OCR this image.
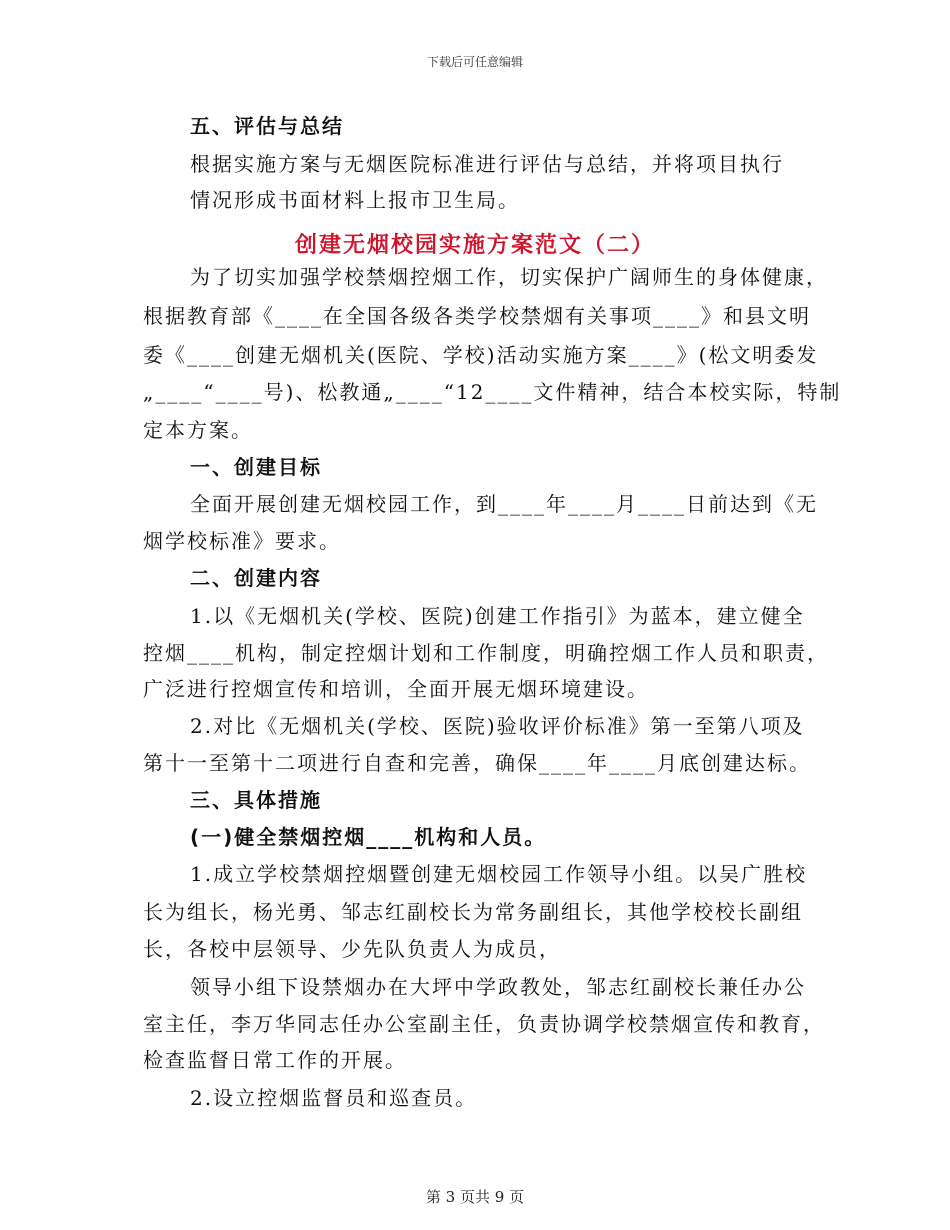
下载后可任意编辑
五、评估与总结
根据实施方案与无烟医院标准进行评估与总结，并将项目执行
情况形成书面材料上报市卫生局。
创建无烟校园实施方案范文（二）
为了切实加强学校禁烟控烟工作，切实保护广阔师生的身体健康，
根据教育部《____在全国各级各类学校禁烟有关事项____》和县文明
委《____创建无烟机关(医院、学校)活动实施方案____》(松文明委发
„____“____号)、松教通„____“12____文件精神，结合本校实际，特制
定本方案。
一、创建目标
全面开展创建无烟校园工作，到____年____月____日前达到《无
烟学校标准》要求。
二、创建内容
1.以《无烟机关(学校、医院)创建工作指引》为蓝本，建立健全
控烟____机构，制定控烟计划和工作制度，明确控烟工作人员和职责，
广泛进行控烟宣传和培训，全面开展无烟环境建设。
2.对比《无烟机关(学校、医院)验收评价标准》第一至第八项及
第十一至第十二项进行自查和完善，确保____年____月底创建达标。
三、具体措施
(一)健全禁烟控烟____机构和人员。
1.成立学校禁烟控烟暨创建无烟校园工作领导小组。以吴广胜校
长为组长，杨光勇、邹志红副校长为常务副组长，其他学校校长副组
长，各校中层领导、少先队负责人为成员，
领导小组下设禁烟办在大坪中学政教处，邹志红副校长兼任办公
室主任，李万华同志任办公室副主任，负责协调学校禁烟宣传和教育，
检查监督日常工作的开展。
2.设立控烟监督员和巡查员。
第 3 页共 9 页
